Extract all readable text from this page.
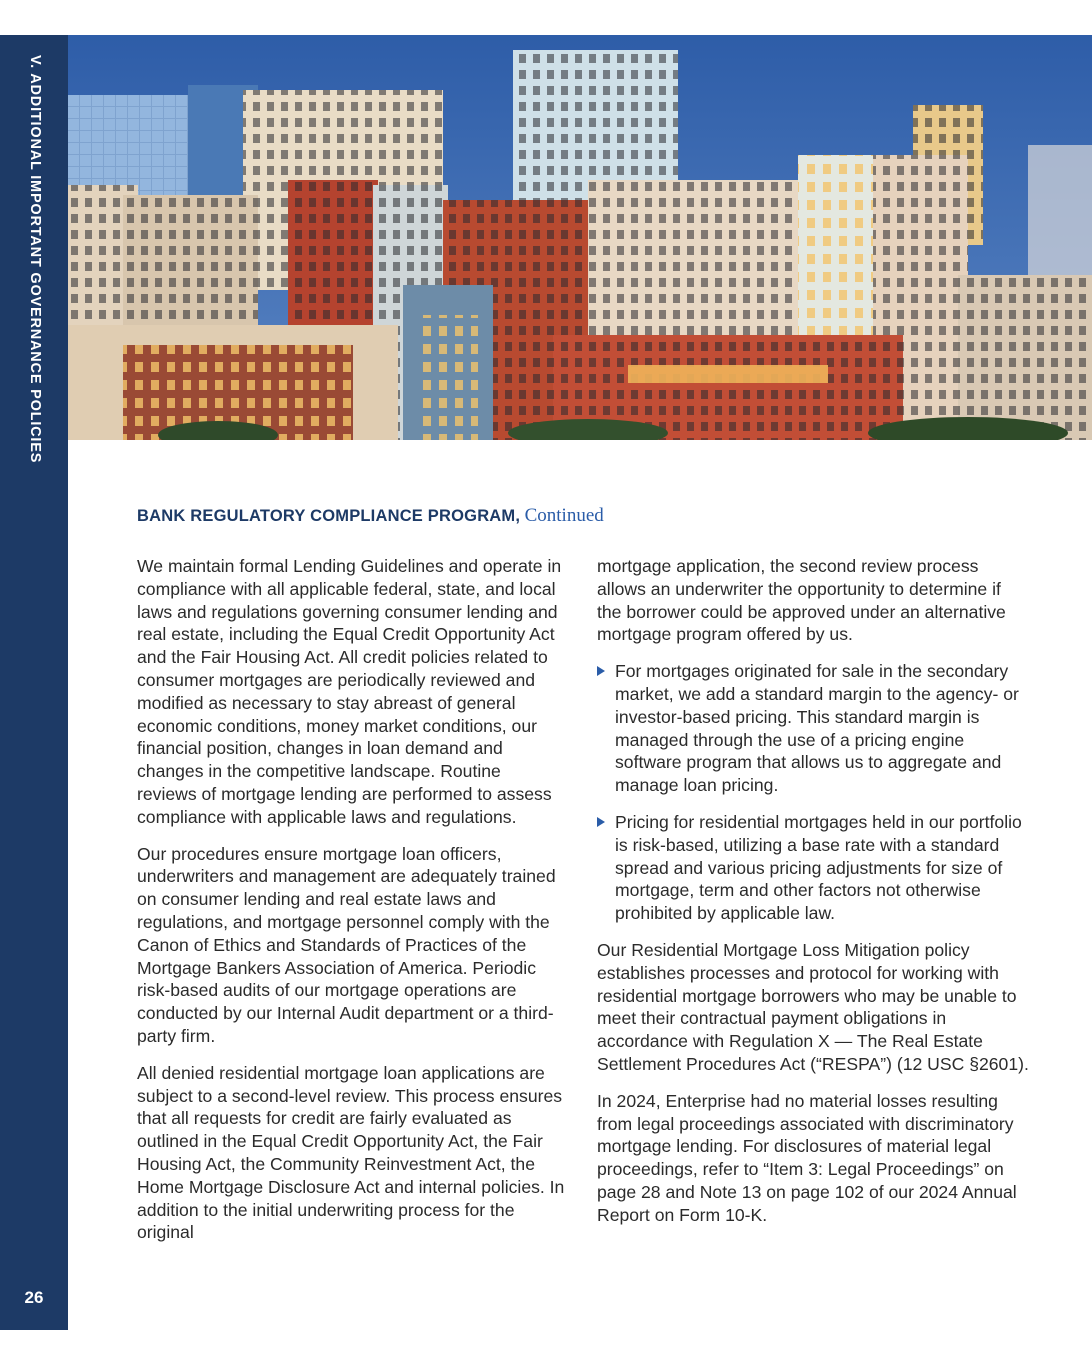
V. ADDITIONAL IMPORTANT GOVERNANCE POLICIES
26
BANK REGULATORY COMPLIANCE PROGRAM, Continued

We maintain formal Lending Guidelines and operate in compliance with all applicable federal, state, and local laws and regulations governing consumer lending and real estate, including the Equal Credit Opportunity Act and the Fair Housing Act. All credit policies related to consumer mortgages are periodically reviewed and modified as necessary to stay abreast of general economic conditions, money market conditions, our financial position, changes in loan demand and changes in the competitive landscape. Routine reviews of mortgage lending are performed to assess compliance with applicable laws and regulations.

Our procedures ensure mortgage loan officers, underwriters and management are adequately trained on consumer lending and real estate laws and regulations, and mortgage personnel comply with the Canon of Ethics and Standards of Practices of the Mortgage Bankers Association of America. Periodic risk-based audits of our mortgage operations are conducted by our Internal Audit department or a third-party firm.

All denied residential mortgage loan applications are subject to a second-level review. This process ensures that all requests for credit are fairly evaluated as outlined in the Equal Credit Opportunity Act, the Fair Housing Act, the Community Reinvestment Act, the Home Mortgage Disclosure Act and internal policies. In addition to the initial underwriting process for the original

mortgage application, the second review process allows an underwriter the opportunity to determine if the borrower could be approved under an alternative mortgage program offered by us.

For mortgages originated for sale in the secondary market, we add a standard margin to the agency- or investor-based pricing. This standard margin is managed through the use of a pricing engine software program that allows us to aggregate and manage loan pricing.
Pricing for residential mortgages held in our portfolio is risk-based, utilizing a base rate with a standard spread and various pricing adjustments for size of mortgage, term and other factors not otherwise prohibited by applicable law.

Our Residential Mortgage Loss Mitigation policy establishes processes and protocol for working with residential mortgage borrowers who may be unable to meet their contractual payment obligations in accordance with Regulation X — The Real Estate Settlement Procedures Act (“RESPA”) (12 USC §2601).

In 2024, Enterprise had no material losses resulting from legal proceedings associated with discriminatory mortgage lending. For disclosures of material legal proceedings, refer to “Item 3: Legal Proceedings” on page 28 and Note 13 on page 102 of our 2024 Annual Report on Form 10-K.
